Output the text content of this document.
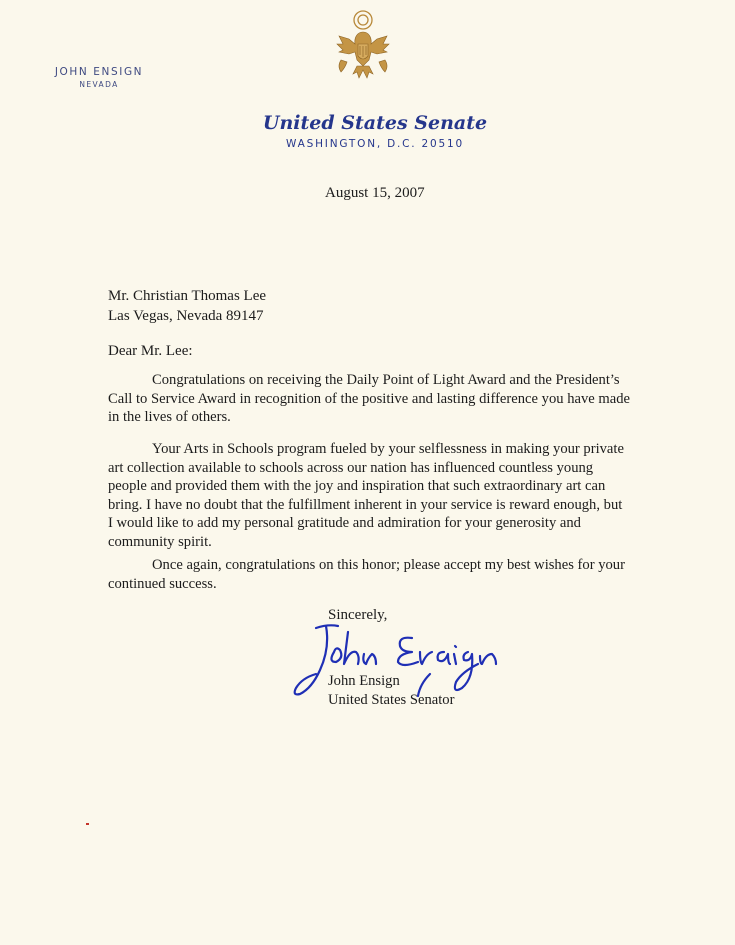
JOHN ENSIGN
NEVADA
United States Senate
WASHINGTON, D.C. 20510
August 15, 2007
Mr. Christian Thomas Lee
Las Vegas, Nevada 89147
Dear Mr. Lee:

Congratulations on receiving the Daily Point of Light Award and the President’s
Call to Service Award in recognition of the positive and lasting difference you have made
in the lives of others.

Your Arts in Schools program fueled by your selflessness in making your private
art collection available to schools across our nation has influenced countless young
people and provided them with the joy and inspiration that such extraordinary art can
bring. I have no doubt that the fulfillment inherent in your service is reward enough, but
I would like to add my personal gratitude and admiration for your generosity and
community spirit.

Once again, congratulations on this honor; please accept my best wishes for your
continued success.

Sincerely,
John Ensign
United States Senator
